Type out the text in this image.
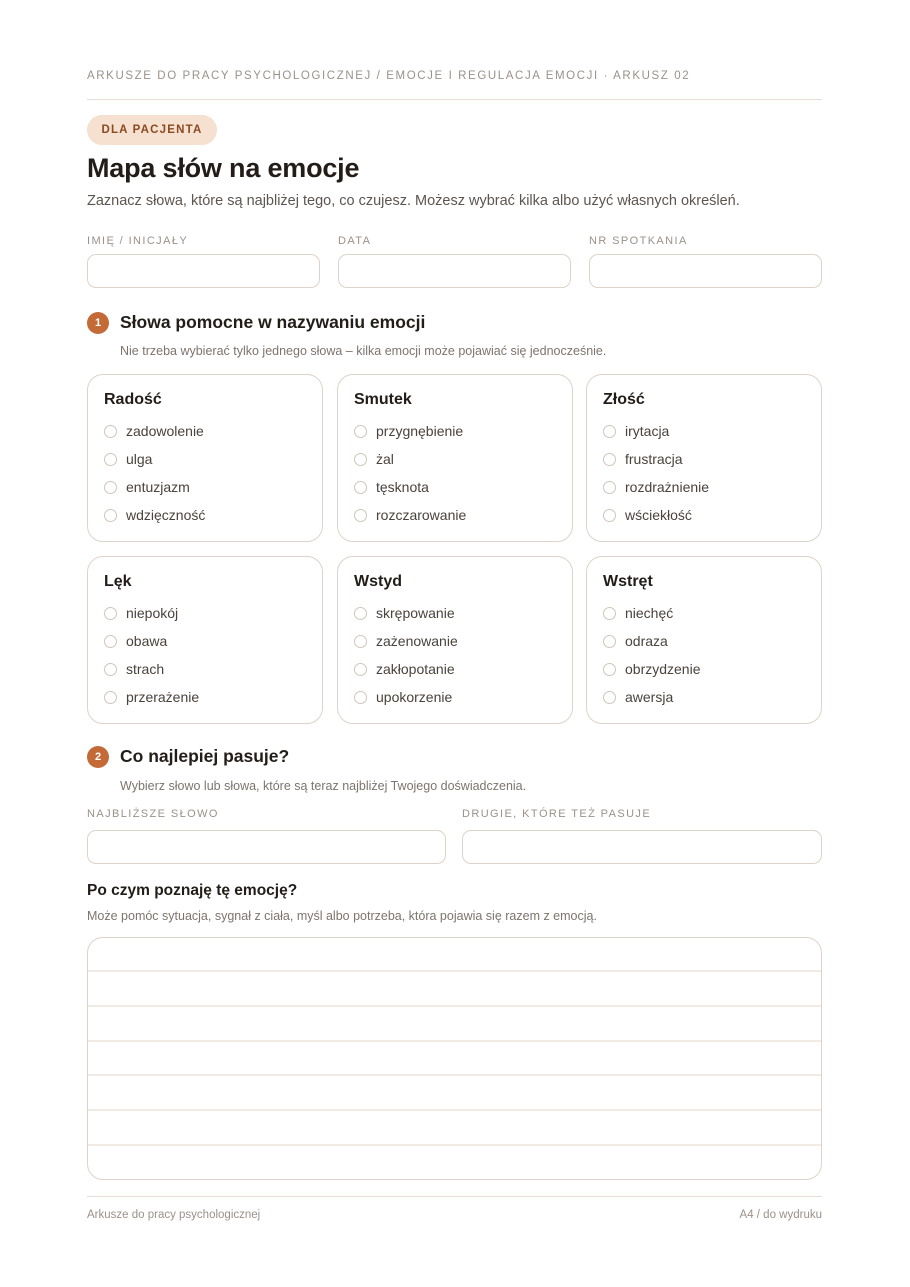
ARKUSZE DO PRACY PSYCHOLOGICZNEJ / EMOCJE I REGULACJA EMOCJI · ARKUSZ 02
DLA PACJENTA
Mapa słów na emocje

Zaznacz słowa, które są najbliżej tego, co czujesz. Możesz wybrać kilka albo użyć własnych określeń.

IMIĘ / INICJAŁY	DATA	NR SPOTKANIA
1	Słowa pomocne w nazywaniu emocji

Nie trzeba wybierać tylko jednego słowa – kilka emocji może pojawiać się jednocześnie.

Radość
zadowolenie
ulga
entuzjazm
wdzięczność
Smutek
przygnębienie
żal
tęsknota
rozczarowanie
Złość
irytacja
frustracja
rozdrażnienie
wściekłość
Lęk
niepokój
obawa
strach
przerażenie
Wstyd
skrępowanie
zażenowanie
zakłopotanie
upokorzenie
Wstręt
niechęć
odraza
obrzydzenie
awersja
2	Co najlepiej pasuje?

Wybierz słowo lub słowa, które są teraz najbliżej Twojego doświadczenia.

NAJBLIŻSZE SŁOWO	DRUGIE, KTÓRE TEŻ PASUJE
Po czym poznaję tę emocję?

Może pomóc sytuacja, sygnał z ciała, myśl albo potrzeba, która pojawia się razem z emocją.

Arkusze do pracy psychologicznej	A4 / do wydruku
